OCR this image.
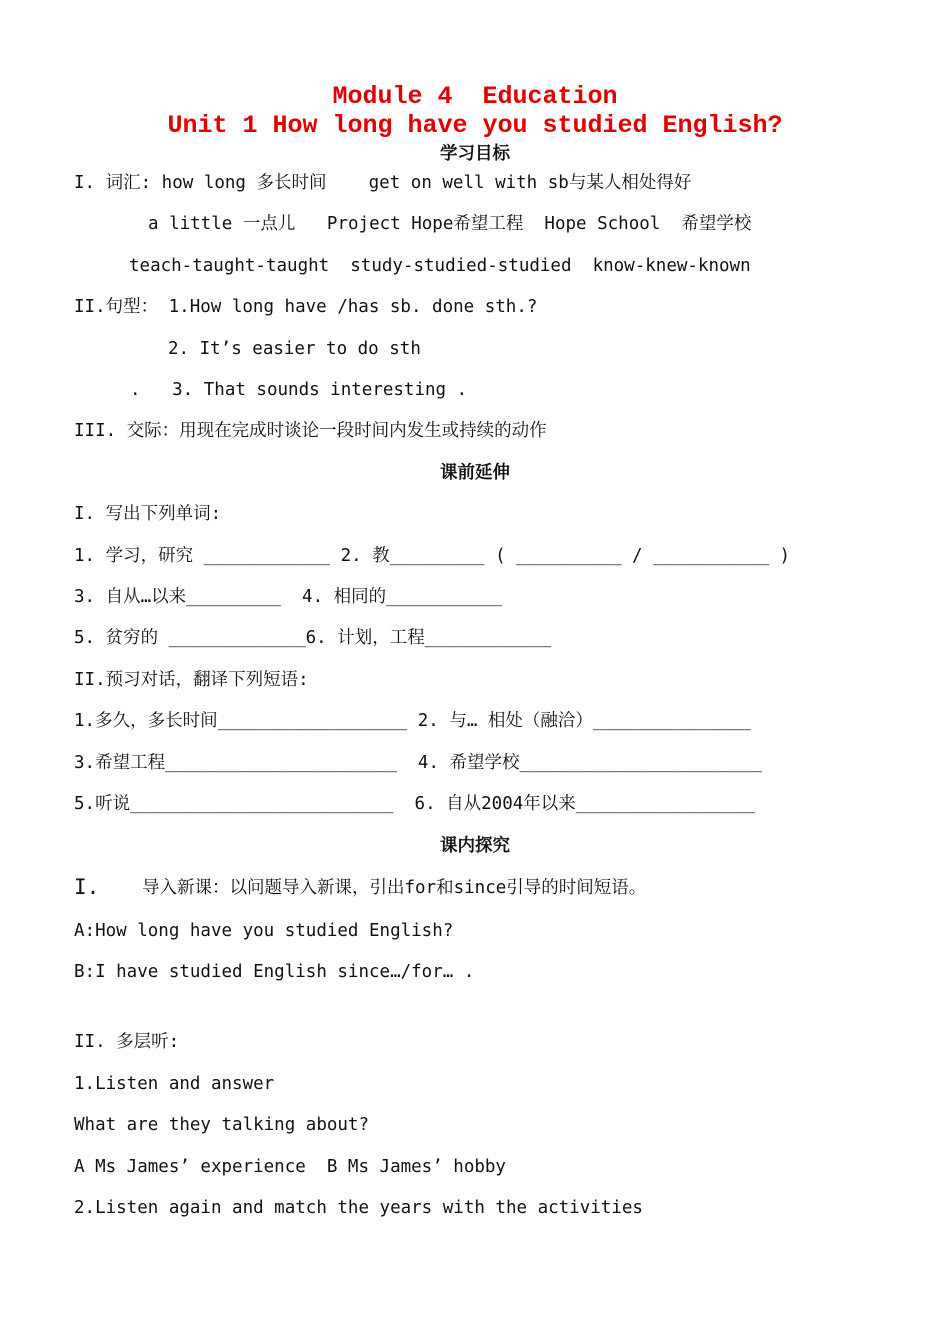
Module 4  Education
Unit 1 How long have you studied English?
学习目标
I. 词汇: how long 多长时间    get on well with sb与某人相处得好
a little 一点儿   Project Hope希望工程  Hope School  希望学校
teach-taught-taught  study-studied-studied  know-knew-known
II.句型： 1.How long have /has sb. done sth.?
2. It’s easier to do sth
.   3. That sounds interesting .
III. 交际：用现在完成时谈论一段时间内发生或持续的动作
课前延伸
I. 写出下列单词:
1. 学习，研究 ____________ 2. 教_________ ( __________ / ___________ )
3. 自从…以来_________  4. 相同的___________
5. 贫穷的 _____________6. 计划，工程____________
II.预习对话，翻译下列短语:
1.多久，多长时间__________________ 2. 与… 相处（融洽）_______________
3.希望工程______________________  4. 希望学校_______________________
5.听说_________________________  6. 自从2004年以来_________________
课内探究
I. 导入新课：以问题导入新课，引出for和since引导的时间短语。
A:How long have you studied English?
B:I have studied English since…/for… .
II. 多层听:
1.Listen and answer
What are they talking about?
A Ms James’ experience  B Ms James’ hobby
2.Listen again and match the years with the activities
